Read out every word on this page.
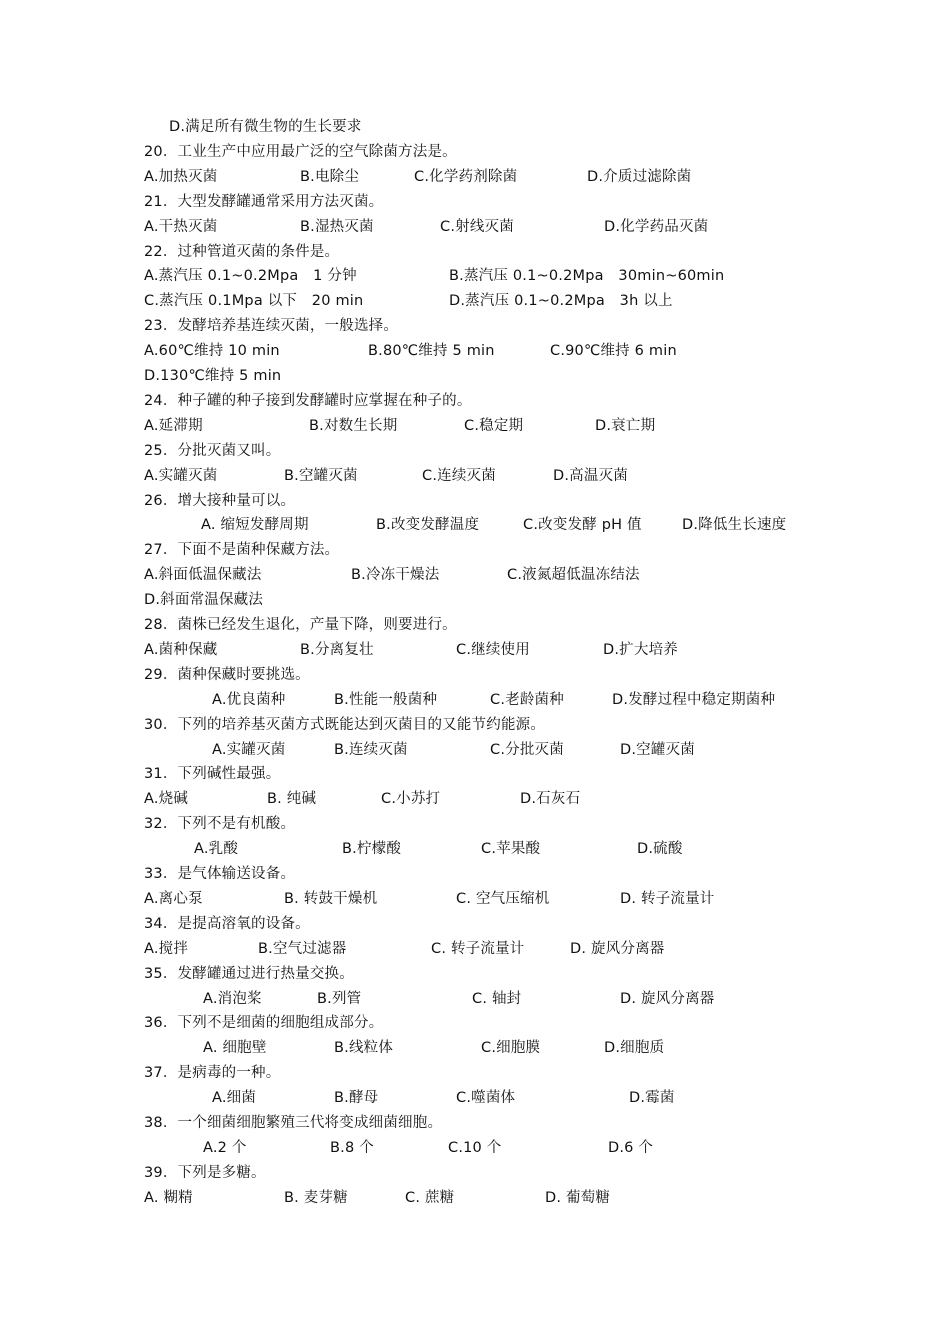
D.满足所有微生物的生长要求
20．工业生产中应用最广泛的空气除菌方法是。
A.加热灭菌	B.电除尘	C.化学药剂除菌	D.介质过滤除菌
21．大型发酵罐通常采用方法灭菌。
A.干热灭菌	B.湿热灭菌	C.射线灭菌	D.化学药品灭菌
22．过种管道灭菌的条件是。
A.蒸汽压 0.1~0.2Mpa　1 分钟	B.蒸汽压 0.1~0.2Mpa　30min~60min
C.蒸汽压 0.1Mpa 以下　20 min	D.蒸汽压 0.1~0.2Mpa　3h 以上
23．发酵培养基连续灭菌，一般选择。
A.60℃维持 10 min	B.80℃维持 5 min	C.90℃维持 6 min
D.130℃维持 5 min
24．种子罐的种子接到发酵罐时应掌握在种子的。
A.延滞期	B.对数生长期	C.稳定期	D.衰亡期
25．分批灭菌又叫。
A.实罐灭菌	B.空罐灭菌	C.连续灭菌	D.高温灭菌
26．增大接种量可以。
A. 缩短发酵周期	B.改变发酵温度	C.改变发酵 pH 值	D.降低生长速度
27．下面不是菌种保藏方法。
A.斜面低温保藏法	B.冷冻干燥法	C.液氮超低温冻结法
D.斜面常温保藏法
28．菌株已经发生退化，产量下降，则要进行。
A.菌种保藏	B.分离复壮	C.继续使用	D.扩大培养
29．菌种保藏时要挑选。
A.优良菌种	B.性能一般菌种	C.老龄菌种	D.发酵过程中稳定期菌种
30．下列的培养基灭菌方式既能达到灭菌目的又能节约能源。
A.实罐灭菌	B.连续灭菌	C.分批灭菌	D.空罐灭菌
31．下列碱性最强。
A.烧碱	B. 纯碱	C.小苏打	D.石灰石
32．下列不是有机酸。
A.乳酸	B.柠檬酸	C.苹果酸	D.硫酸
33．是气体输送设备。
A.离心泵	B. 转鼓干燥机	C. 空气压缩机	D. 转子流量计
34．是提高溶氧的设备。
A.搅拌	B.空气过滤器	C. 转子流量计	D. 旋风分离器
35．发酵罐通过进行热量交换。
A.消泡桨	B.列管	C. 轴封	D. 旋风分离器
36．下列不是细菌的细胞组成部分。
A. 细胞壁	B.线粒体	C.细胞膜	D.细胞质
37．是病毒的一种。
A.细菌	B.酵母	C.噬菌体	D.霉菌
38．一个细菌细胞繁殖三代将变成细菌细胞。
A.2 个	B.8 个	C.10 个	D.6 个
39．下列是多糖。
A. 糊精	B. 麦芽糖	C. 蔗糖	D. 葡萄糖
